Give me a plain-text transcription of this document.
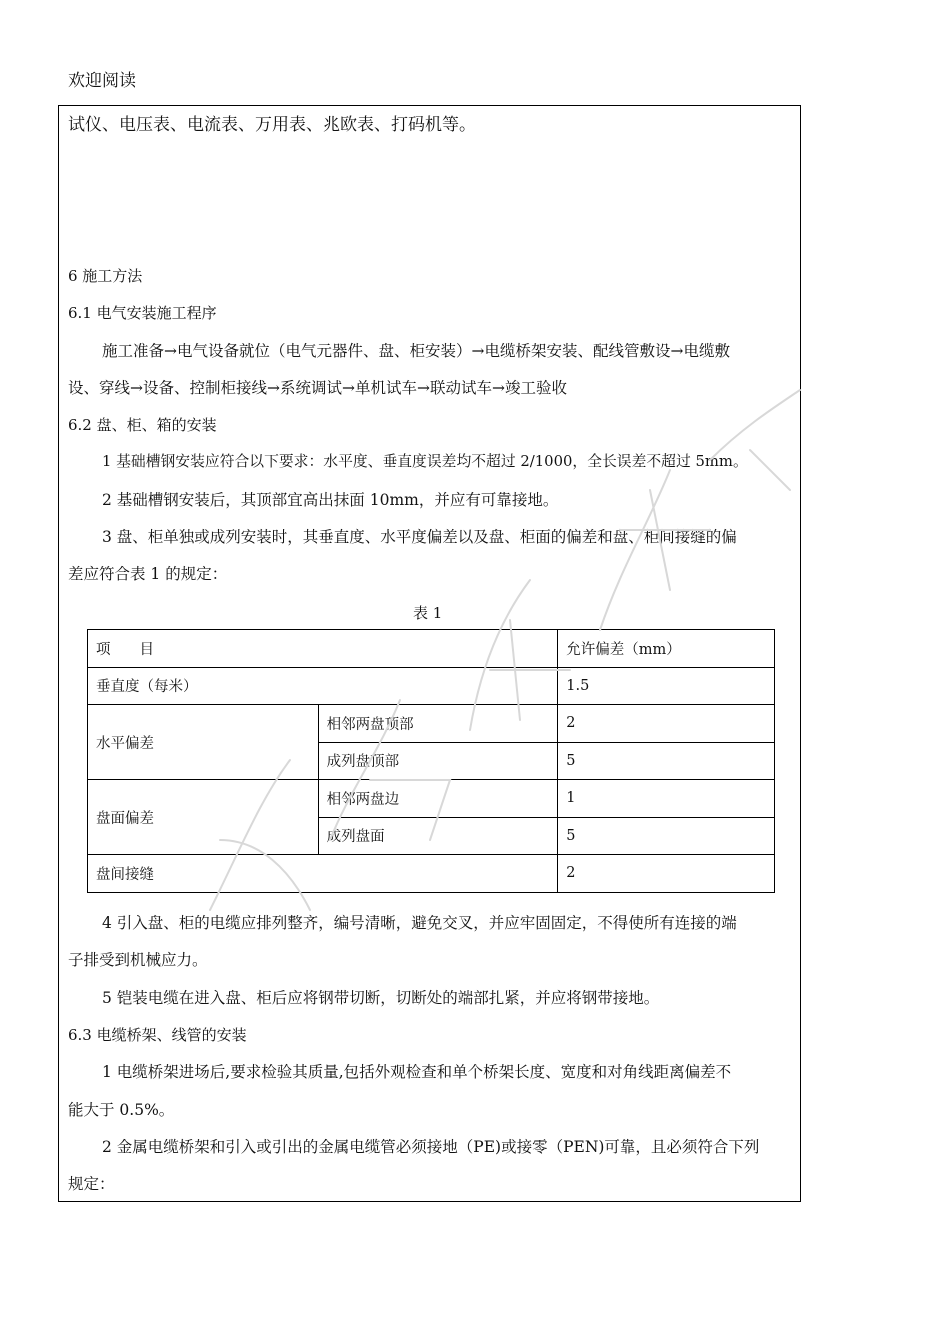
欢迎阅读
试仪、电压表、电流表、万用表、兆欧表、打码机等。
6 施工方法
6.1 电气安装施工程序
施工准备→电气设备就位（电气元器件、盘、柜安装）→电缆桥架安装、配线管敷设→电缆敷
设、穿线→设备、控制柜接线→系统调试→单机试车→联动试车→竣工验收
6.2 盘、柜、箱的安装
1 基础槽钢安装应符合以下要求：水平度、垂直度误差均不超过 2/1000，全长误差不超过 5mm。
2 基础槽钢安装后，其顶部宜高出抹面 10mm，并应有可靠接地。
3 盘、柜单独或成列安装时，其垂直度、水平度偏差以及盘、柜面的偏差和盘、柜间接缝的偏
差应符合表 1 的规定：
表 1
项　　目		允许偏差（mm）
垂直度（每米）		1.5
水平偏差	相邻两盘顶部	2
	成列盘顶部	5
盘面偏差	相邻两盘边	1
	成列盘面	5
盘间接缝		2
4 引入盘、柜的电缆应排列整齐，编号清晰，避免交叉，并应牢固固定，不得使所有连接的端
子排受到机械应力。
5 铠装电缆在进入盘、柜后应将钢带切断，切断处的端部扎紧，并应将钢带接地。
6.3 电缆桥架、线管的安装
1 电缆桥架进场后,要求检验其质量,包括外观检查和单个桥架长度、宽度和对角线距离偏差不
能大于 0.5%。
2 金属电缆桥架和引入或引出的金属电缆管必须接地（PE)或接零（PEN)可靠，且必须符合下列
规定：
